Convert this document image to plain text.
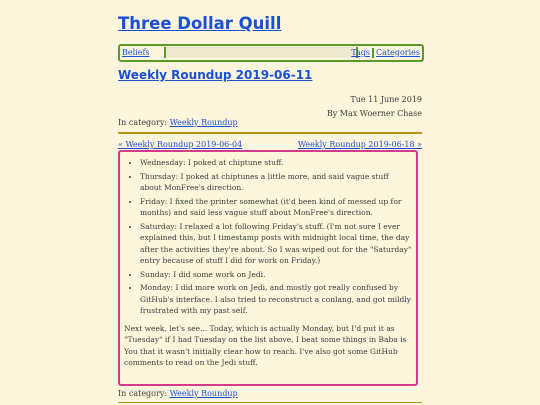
Three Dollar Quill
Beliefs	Tags Categories
Weekly Roundup 2019-06-11
Tue 11 June 2019
By Max Woerner Chase
In category: Weekly Roundup
« Weekly Roundup 2019-06-04	Weekly Roundup 2019-06-18 »
• Wednesday: I poked at chiptune stuff.
• Thursday: I poked at chiptunes a little more, and said vague stuff about MonFree's direction.
• Friday: I fixed the printer somewhat (it'd been kind of messed up for months) and said less vague stuff about MonFree's direction.
• Saturday: I relaxed a lot following Friday's stuff. (I'm not sure I ever explained this, but I timestamp posts with midnight local time, the day after the activities they're about. So I was wiped out for the "Saturday" entry because of stuff I did for work on Friday.)
• Sunday: I did some work on Jedi.
• Monday: I did more work on Jedi, and mostly got really confused by GitHub's interface. I also tried to reconstruct a conlang, and got mildly frustrated with my past self.

Next week, let's see... Today, which is actually Monday, but I'd put it as "Tuesday" if I had Tuesday on the list above, I beat some things in Baba is You that it wasn't initially clear how to reach. I've also got some GitHub comments to read on the Jedi stuff.

In category: Weekly Roundup
